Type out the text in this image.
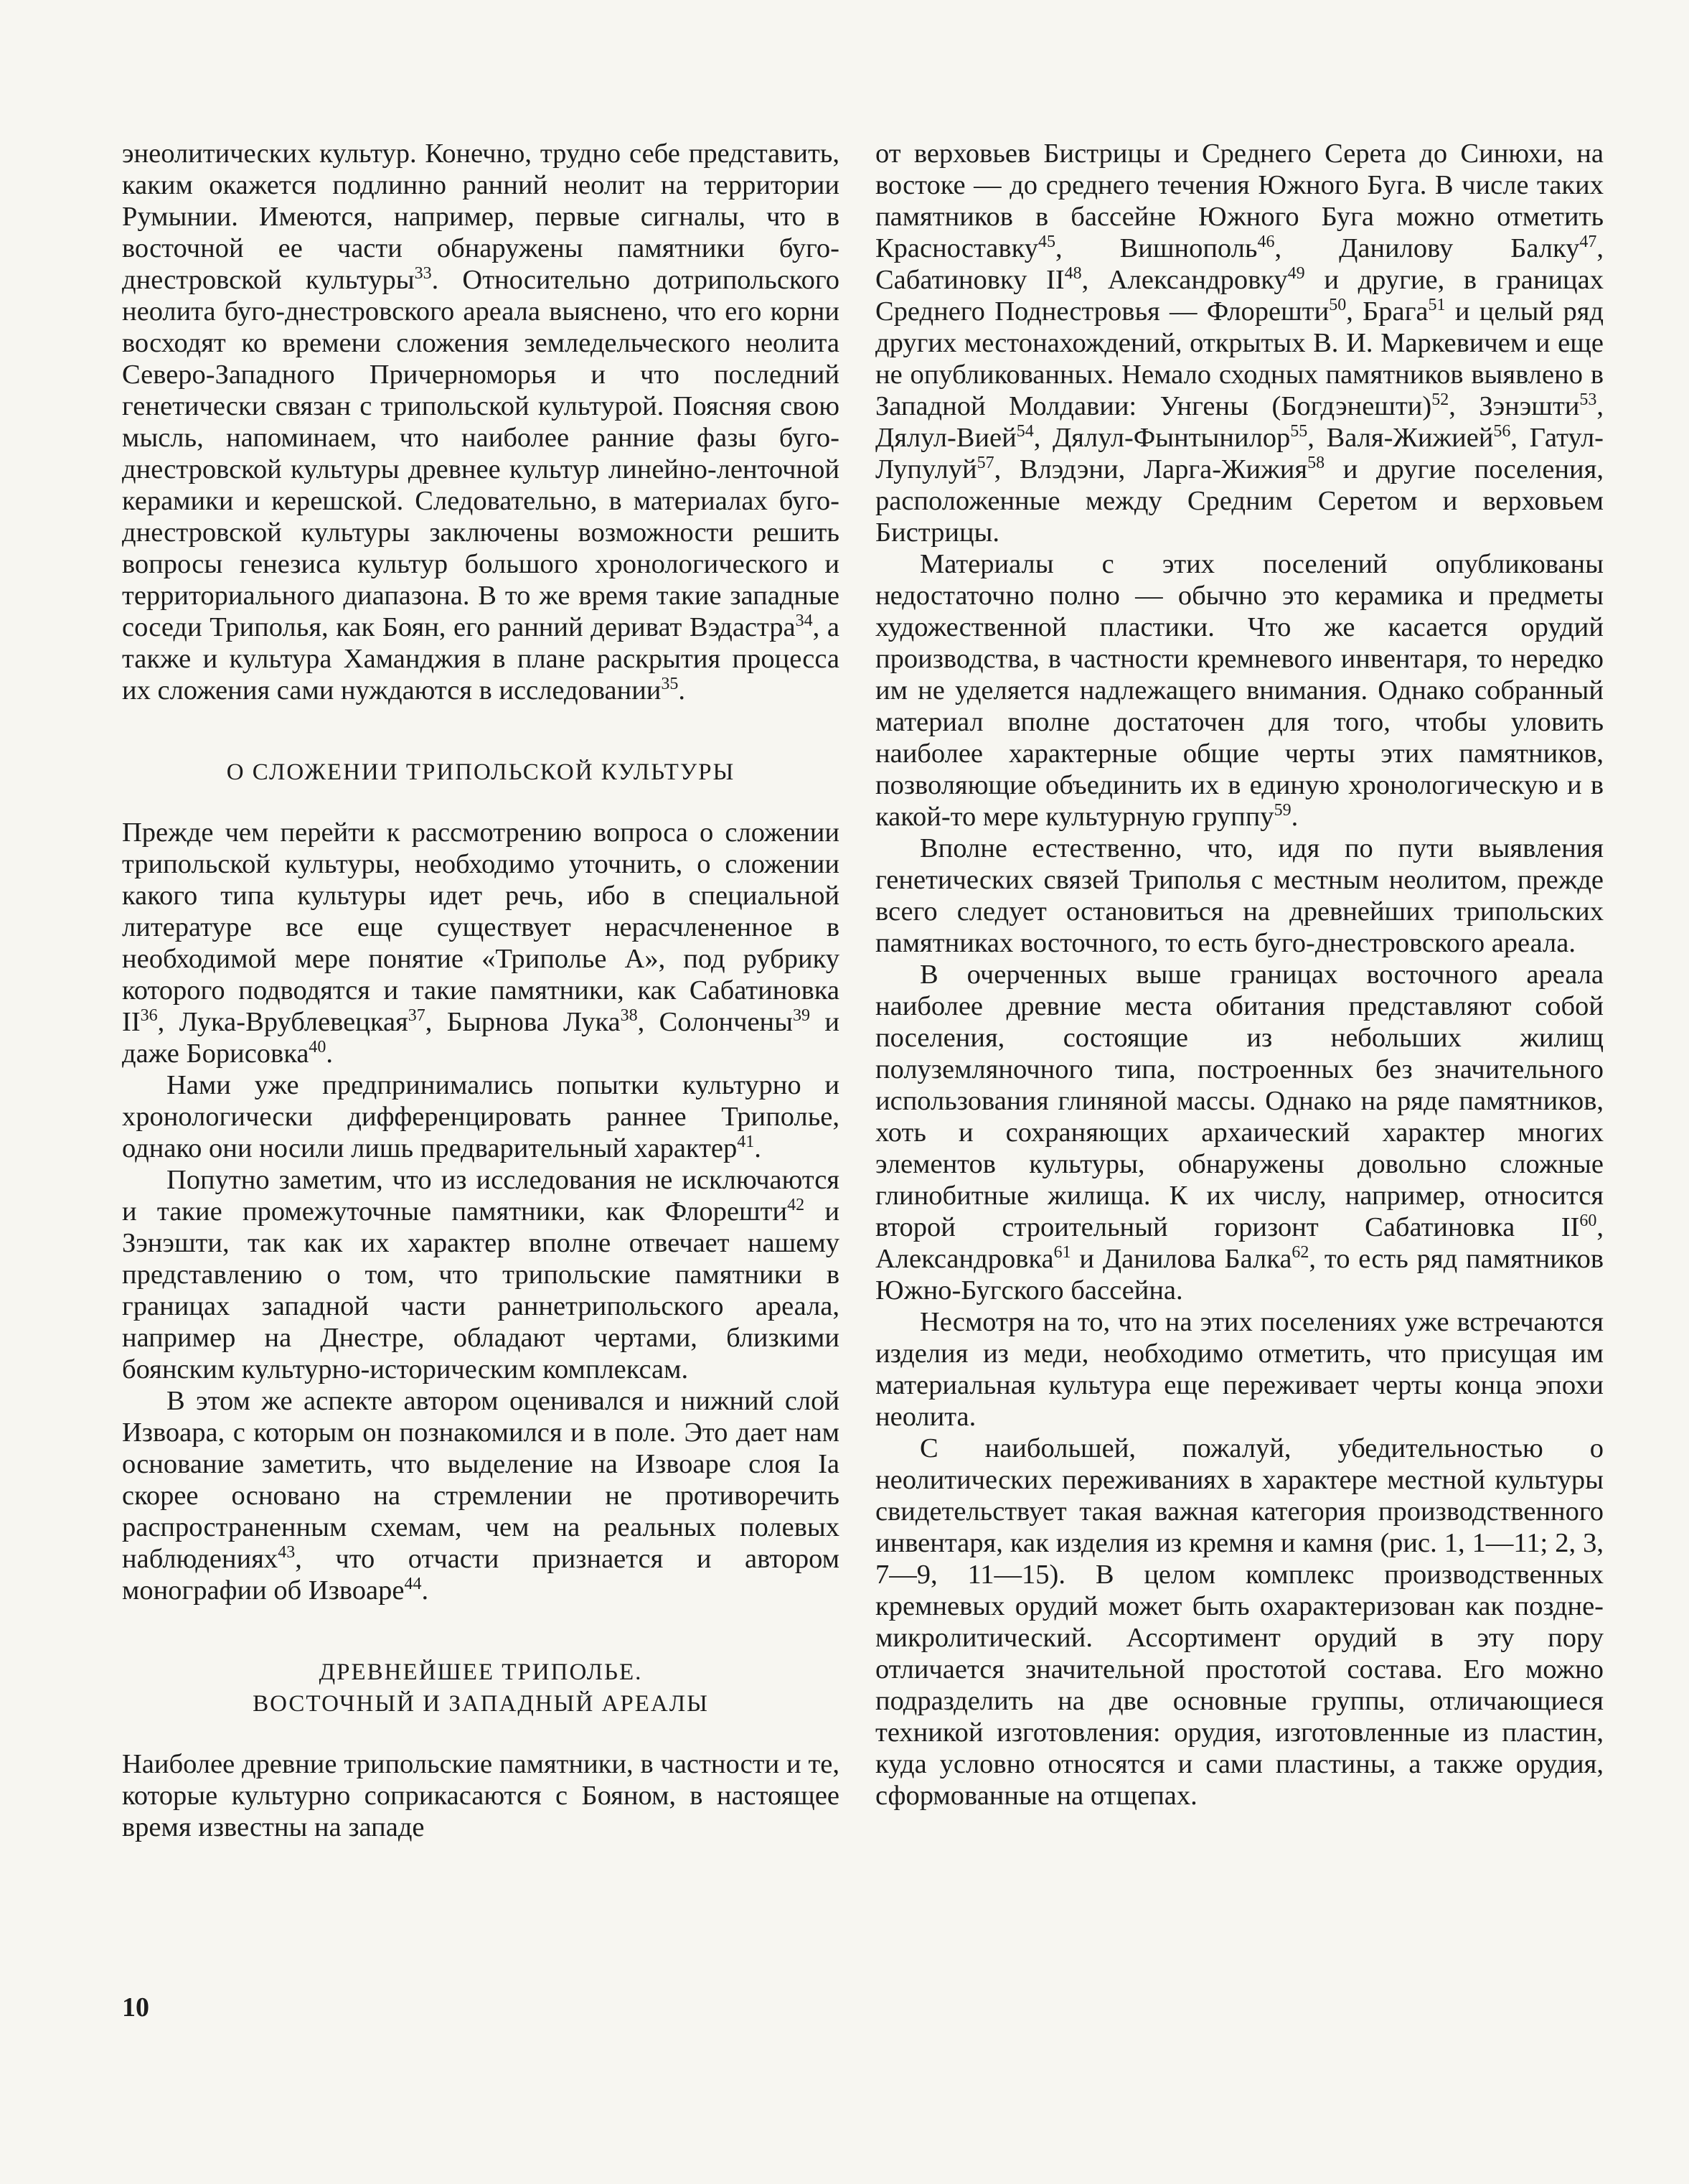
энеолитических культур. Конечно, трудно себе представить, каким окажется подлинно ранний неолит на территории Румынии. Имеются, например, первые сигналы, что в восточной ее части обнаружены памятники буго-днестровской культуры$^{33}$. Относительно дотрипольского неолита буго-днестровского ареала выяснено, что его корни восходят ко времени сложения земледельческого неолита Северо-Западного Причерноморья и что последний генетически связан с трипольской культурой. Поясняя свою мысль, напоминаем, что наиболее ранние фазы буго-днестровской культуры древнее культур линейно-ленточной керамики и керешской. Следовательно, в материалах буго-днестровской культуры заключены возможности решить вопросы генезиса культур большого хронологического и территориального диапазона. В то же время такие западные соседи Триполья, как Боян, его ранний дериват Вэдастра$^{34}$, а также и культура Хаманджия в плане раскрытия процесса их сложения сами нуждаются в исследовании$^{35}$.

О СЛОЖЕНИИ ТРИПОЛЬСКОЙ КУЛЬТУРЫ

Прежде чем перейти к рассмотрению вопроса о сложении трипольской культуры, необходимо уточнить, о сложении какого типа культуры идет речь, ибо в специальной литературе все еще существует нерасчлененное в необходимой мере понятие «Триполье А», под рубрику которого подводятся и такие памятники, как Сабатиновка II$^{36}$, Лука-Врублевецкая$^{37}$, Бырнова Лука$^{38}$, Солончены$^{39}$ и даже Борисовка$^{40}$.

Нами уже предпринимались попытки культурно и хронологически дифференцировать раннее Триполье, однако они носили лишь предварительный характер$^{41}$.

Попутно заметим, что из исследования не исключаются и такие промежуточные памятники, как Флорешти$^{42}$ и Зэнэшти, так как их характер вполне отвечает нашему представлению о том, что трипольские памятники в границах западной части раннетрипольского ареала, например на Днестре, обладают чертами, близкими боянским культурно-историческим комплексам.

В этом же аспекте автором оценивался и нижний слой Извоара, с которым он познакомился и в поле. Это дает нам основание заметить, что выделение на Извоаре слоя Ia скорее основано на стремлении не противоречить распространенным схемам, чем на реальных полевых наблюдениях$^{43}$, что отчасти признается и автором монографии об Извоаре$^{44}$.

ДРЕВНЕЙШЕЕ ТРИПОЛЬЕ.
ВОСТОЧНЫЙ И ЗАПАДНЫЙ АРЕАЛЫ

Наиболее древние трипольские памятники, в частности и те, которые культурно соприкасаются с Бояном, в настоящее время известны на западе

от верховьев Бистрицы и Среднего Серета до Синюхи, на востоке — до среднего течения Южного Буга. В числе таких памятников в бассейне Южного Буга можно отметить Красноставку$^{45}$, Вишнополь$^{46}$, Данилову Балку$^{47}$, Сабатиновку II$^{48}$, Александровку$^{49}$ и другие, в границах Среднего Поднестровья — Флорешти$^{50}$, Брага$^{51}$ и целый ряд других местонахождений, открытых В. И. Маркевичем и еще не опубликованных. Немало сходных памятников выявлено в Западной Молдавии: Унгены (Богдэнешти)$^{52}$, Зэнэшти$^{53}$, Дялул-Вией$^{54}$, Дялул-Фынтынилор$^{55}$, Валя-Жижией$^{56}$, Гатул-Лупулуй$^{57}$, Влэдэни, Ларга-Жижия$^{58}$ и другие поселения, расположенные между Средним Серетом и верховьем Бистрицы.

Материалы с этих поселений опубликованы недостаточно полно — обычно это керамика и предметы художественной пластики. Что же касается орудий производства, в частности кремневого инвентаря, то нередко им не уделяется надлежащего внимания. Однако собранный материал вполне достаточен для того, чтобы уловить наиболее характерные общие черты этих памятников, позволяющие объединить их в единую хронологическую и в какой-то мере культурную группу$^{59}$.

Вполне естественно, что, идя по пути выявления генетических связей Триполья с местным неолитом, прежде всего следует остановиться на древнейших трипольских памятниках восточного, то есть буго-днестровского ареала.

В очерченных выше границах восточного ареала наиболее древние места обитания представляют собой поселения, состоящие из небольших жилищ полуземляночного типа, построенных без значительного использования глиняной массы. Однако на ряде памятников, хоть и сохраняющих архаический характер многих элементов культуры, обнаружены довольно сложные глинобитные жилища. К их числу, например, относится второй строительный горизонт Сабатиновка II$^{60}$, Александровка$^{61}$ и Данилова Балка$^{62}$, то есть ряд памятников Южно-Бугского бассейна.

Несмотря на то, что на этих поселениях уже встречаются изделия из меди, необходимо отметить, что присущая им материальная культура еще переживает черты конца эпохи неолита.

С наибольшей, пожалуй, убедительностью о неолитических переживаниях в характере местной культуры свидетельствует такая важная категория производственного инвентаря, как изделия из кремня и камня (рис. 1, 1—11; 2, 3, 7—9, 11—15). В целом комплекс производственных кремневых орудий может быть охарактеризован как поздне-микролитический. Ассортимент орудий в эту пору отличается значительной простотой состава. Его можно подразделить на две основные группы, отличающиеся техникой изготовления: орудия, изготовленные из пластин, куда условно относятся и сами пластины, а также орудия, сформованные на отщепах.

10
